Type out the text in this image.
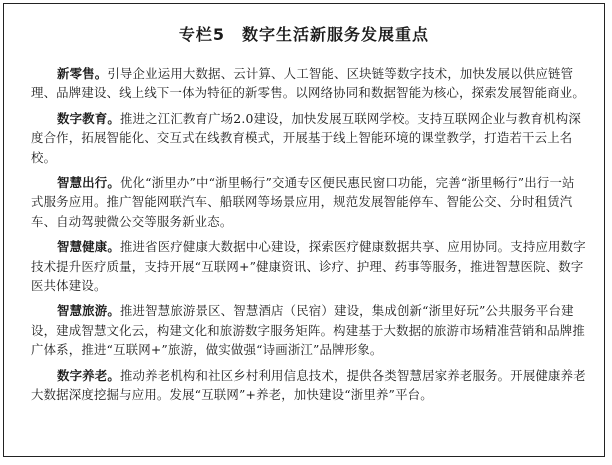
专栏5　数字生活新服务发展重点

新零售。引导企业运用大数据、云计算、人工智能、区块链等数字技术，加快发展以供应链管理、品牌建设、线上线下一体为特征的新零售。以网络协同和数据智能为核心，探索发展智能商业。

数字教育。推进之江汇教育广场2.0建设，加快发展互联网学校。支持互联网企业与教育机构深度合作，拓展智能化、交互式在线教育模式，开展基于线上智能环境的课堂教学，打造若干云上名校。

智慧出行。优化“浙里办”中“浙里畅行”交通专区便民惠民窗口功能，完善“浙里畅行”出行一站式服务应用。推广智能网联汽车、船联网等场景应用，规范发展智能停车、智能公交、分时租赁汽车、自动驾驶微公交等服务新业态。

智慧健康。推进省医疗健康大数据中心建设，探索医疗健康数据共享、应用协同。支持应用数字技术提升医疗质量，支持开展“互联网+”健康资讯、诊疗、护理、药事等服务，推进智慧医院、数字医共体建设。

智慧旅游。推进智慧旅游景区、智慧酒店（民宿）建设，集成创新“浙里好玩”公共服务平台建设，建成智慧文化云，构建文化和旅游数字服务矩阵。构建基于大数据的旅游市场精准营销和品牌推广体系，推进“互联网+”旅游，做实做强“诗画浙江”品牌形象。

数字养老。推动养老机构和社区乡村利用信息技术，提供各类智慧居家养老服务。开展健康养老大数据深度挖掘与应用。发展“互联网”+养老，加快建设“浙里养”平台。
